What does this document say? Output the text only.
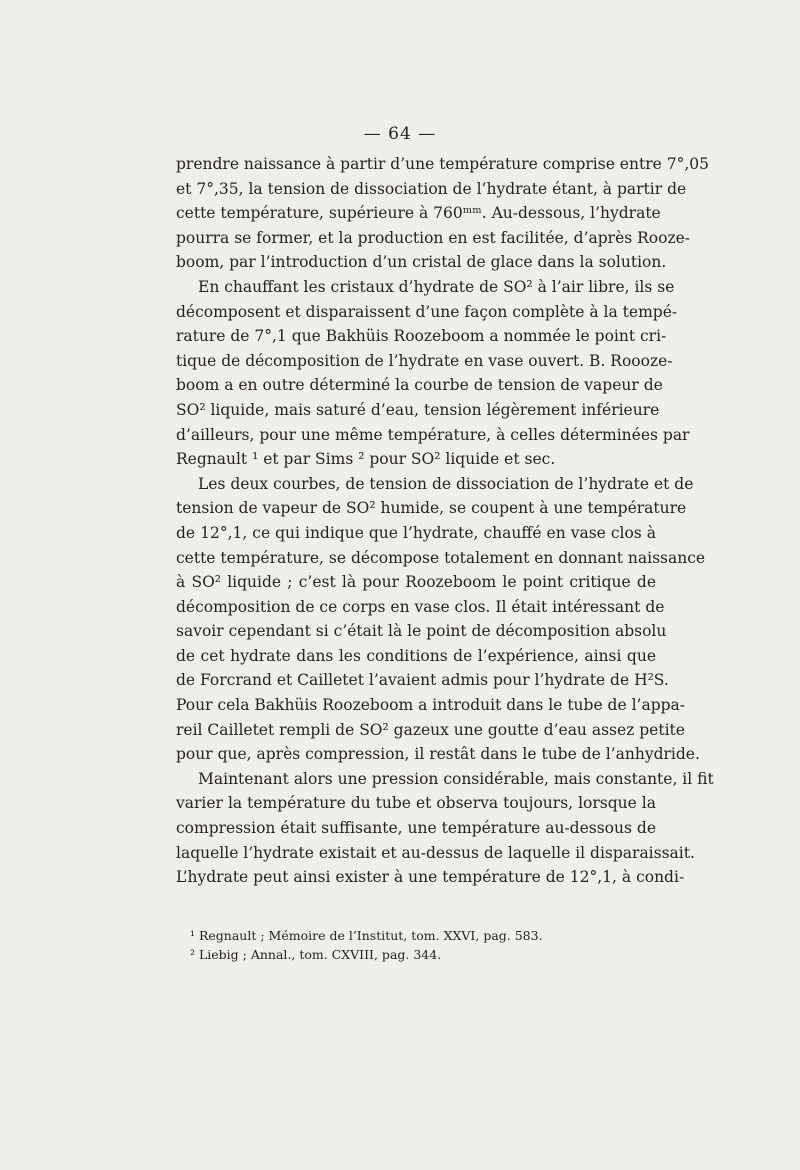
— 64 —
prendre naissance à partir d’une température comprise entre 7°,05
et 7°,35, la tension de dissociation de l’hydrate étant, à partir de
cette température, supérieure à 760ᵐᵐ. Au-dessous, l’hydrate
pourra se former, et la production en est facilitée, d’après Rooze-
boom, par l’introduction d’un cristal de glace dans la solution.
En chauffant les cristaux d’hydrate de SO² à l’air libre, ils se
décomposent et disparaissent d’une façon complète à la tempé-
rature de 7°,1 que Bakhüis Roozeboom a nommée le point cri-
tique de décomposition de l’hydrate en vase ouvert. B. Roooze-
boom a en outre déterminé la courbe de tension de vapeur de
SO² liquide, mais saturé d’eau, tension légèrement inférieure
d’ailleurs, pour une même température, à celles déterminées par
Regnault ¹ et par Sims ² pour SO² liquide et sec.
Les deux courbes, de tension de dissociation de l’hydrate et de
tension de vapeur de SO² humide, se coupent à une température
de 12°,1, ce qui indique que l’hydrate, chauffé en vase clos à
cette température, se décompose totalement en donnant naissance
à SO² liquide ; c’est là pour Roozeboom le point critique de
décomposition de ce corps en vase clos. Il était intéressant de
savoir cependant si c’était là le point de décomposition absolu
de cet hydrate dans les conditions de l’expérience, ainsi que
de Forcrand et Cailletet l’avaient admis pour l’hydrate de H²S.
Pour cela Bakhüis Roozeboom a introduit dans le tube de l’appa-
reil Cailletet rempli de SO² gazeux une goutte d’eau assez petite
pour que, après compression, il restât dans le tube de l’anhydride.
Maintenant alors une pression considérable, mais constante, il fit
varier la température du tube et observa toujours, lorsque la
compression était suffisante, une température au-dessous de
laquelle l’hydrate existait et au-dessus de laquelle il disparaissait.
L’hydrate peut ainsi exister à une température de 12°,1, à condi-
¹ Regnault ; Mémoire de l’Institut, tom. XXVI, pag. 583.
² Liebig ; Annal., tom. CXVIII, pag. 344.
